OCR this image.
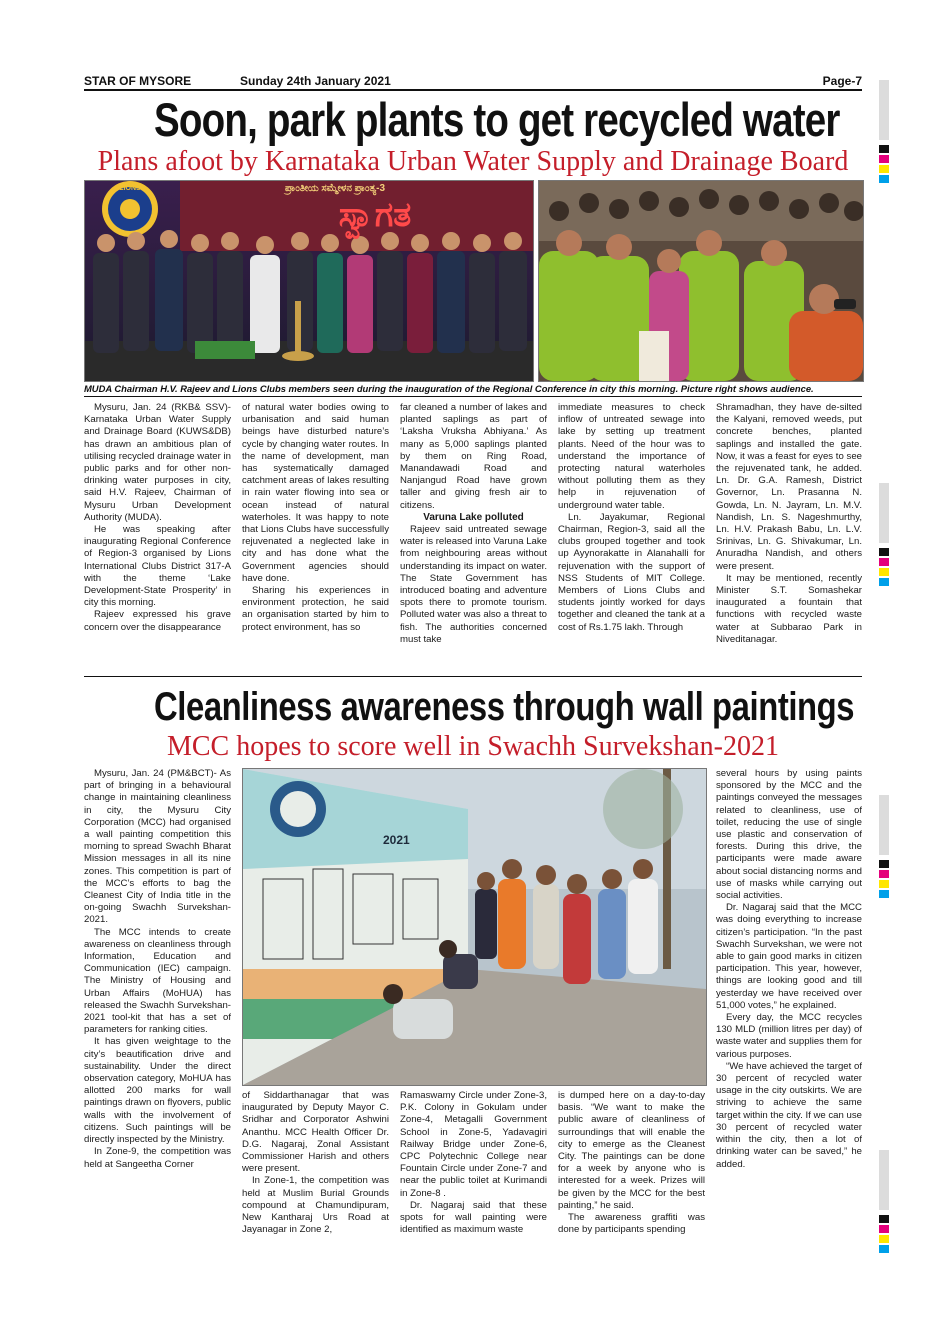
STAR OF MYSORE	Sunday 24th January 2021	Page-7
Soon, park plants to get recycled water
Plans afoot by Karnataka Urban Water Supply and Drainage Board
ಪ್ರಾಂತೀಯ ಸಮ್ಮೇಳನ ಪ್ರಾಂತ್ಯ-3
ಸ್ವಾಗತ
LIONS
MUDA Chairman H.V. Rajeev and Lions Clubs members seen during the inauguration of the Regional Conference in city this morning. Picture right shows audience.

Mysuru, Jan. 24 (RKB& SSV)- Karnataka Urban Water Supply and Drainage Board (KUWS&DB) has drawn an ambitious plan of utilising recycled drainage water in public parks and for other non-drinking water purposes in city, said H.V. Rajeev, Chairman of Mysuru Urban Development Authority (MUDA).

He was speaking after inaugurating Regional Conference of Region-3 organised by Lions International Clubs District 317-A with the theme ‘Lake Development-State Prosperity’ in city this morning.

Rajeev expressed his grave concern over the disappearance

of natural water bodies owing to urbanisation and said human beings have disturbed nature’s cycle by changing water routes. In the name of development, man has systematically damaged catchment areas of lakes resulting in rain water flowing into sea or ocean instead of natural waterholes. It was happy to note that Lions Clubs have successfully rejuvenated a neglected lake in city and has done what the Government agencies should have done.

Sharing his experiences in environment protection, he said an organisation started by him to protect environment, has so

far cleaned a number of lakes and planted saplings as part of ‘Laksha Vruksha Abhiyana.’ As many as 5,000 saplings planted by them on Ring Road, Manandawadi Road and Nanjangud Road have grown taller and giving fresh air to citizens.

Varuna Lake polluted

Rajeev said untreated sewage water is released into Varuna Lake from neighbouring areas without understanding its impact on water. The State Government has introduced boating and adventure spots there to promote tourism. Polluted water was also a threat to fish. The authorities concerned must take

immediate measures to check inflow of untreated sewage into lake by setting up treatment plants. Need of the hour was to understand the importance of protecting natural waterholes without polluting them as they help in rejuvenation of underground water table.

Ln. Jayakumar, Regional Chairman, Region-3, said all the clubs grouped together and took up Ayynorakatte in Alanahalli for rejuvenation with the support of NSS Students of MIT College. Members of Lions Clubs and students jointly worked for days together and cleaned the tank at a cost of Rs.1.75 lakh. Through

Shramadhan, they have de-silted the Kalyani, removed weeds, put concrete benches, planted saplings and installed the gate. Now, it was a feast for eyes to see the rejuvenated tank, he added. Ln. Dr. G.A. Ramesh, District Governor, Ln. Prasanna N. Gowda, Ln. N. Jayram, Ln. M.V. Nandish, Ln. S. Nageshmurthy, Ln. H.V. Prakash Babu, Ln. L.V. Srinivas, Ln. G. Shivakumar, Ln. Anuradha Nandish, and others were present.

It may be mentioned, recently Minister S.T. Somashekar inaugurated a fountain that functions with recycled waste water at Subbarao Park in Niveditanagar.

Cleanliness awareness through wall paintings
MCC hopes to score well in Swachh Survekshan-2021
2021

Mysuru, Jan. 24 (PM&BCT)- As part of bringing in a behavioural change in maintaining cleanliness in city, the Mysuru City Corporation (MCC) had organised a wall painting competition this morning to spread Swachh Bharat Mission messages in all its nine zones. This competition is part of the MCC’s efforts to bag the Cleanest City of India title in the on-going Swachh Survekshan-2021.

The MCC intends to create awareness on cleanliness through Information, Education and Communication (IEC) campaign. The Ministry of Housing and Urban Affairs (MoHUA) has released the Swachh Survekshan-2021 tool-kit that has a set of parameters for ranking cities.

It has given weightage to the city’s beautification drive and sustainability. Under the direct observation category, MoHUA has allotted 200 marks for wall paintings drawn on flyovers, public walls with the involvement of citizens. Such paintings will be directly inspected by the Ministry.

In Zone-9, the competition was held at Sangeetha Corner

of Siddarthanagar that was inaugurated by Deputy Mayor C. Sridhar and Corporator Ashwini Ananthu. MCC Health Officer Dr. D.G. Nagaraj, Zonal Assistant Commissioner Harish and others were present.

In Zone-1, the competition was held at Muslim Burial Grounds compound at Chamundipuram, New Kantharaj Urs Road at Jayanagar in Zone 2,

Ramaswamy Circle under Zone-3, P.K. Colony in Gokulam under Zone-4, Metagalli Government School in Zone-5, Yadavagiri Railway Bridge under Zone-6, CPC Polytechnic College near Fountain Circle under Zone-7 and near the public toilet at Kurimandi in Zone-8 .

Dr. Nagaraj said that these spots for wall painting were identified as maximum waste

is dumped here on a day-to-day basis. “We want to make the public aware of cleanliness of surroundings that will enable the city to emerge as the Cleanest City. The paintings can be done for a week by anyone who is interested for a week. Prizes will be given by the MCC for the best painting,” he said.

The awareness graffiti was done by participants spending

several hours by using paints sponsored by the MCC and the paintings conveyed the messages related to cleanliness, use of toilet, reducing the use of single use plastic and conservation of forests. During this drive, the participants were made aware about social distancing norms and use of masks while carrying out social activities.

Dr. Nagaraj said that the MCC was doing everything to increase citizen’s participation. “In the past Swachh Survekshan, we were not able to gain good marks in citizen participation. This year, however, things are looking good and till yesterday we have received over 51,000 votes,” he explained.

Every day, the MCC recycles 130 MLD (million litres per day) of waste water and supplies them for various purposes.

“We have achieved the target of 30 percent of recycled water usage in the city outskirts. We are striving to achieve the same target within the city. If we can use 30 percent of recycled water within the city, then a lot of drinking water can be saved,” he added.
